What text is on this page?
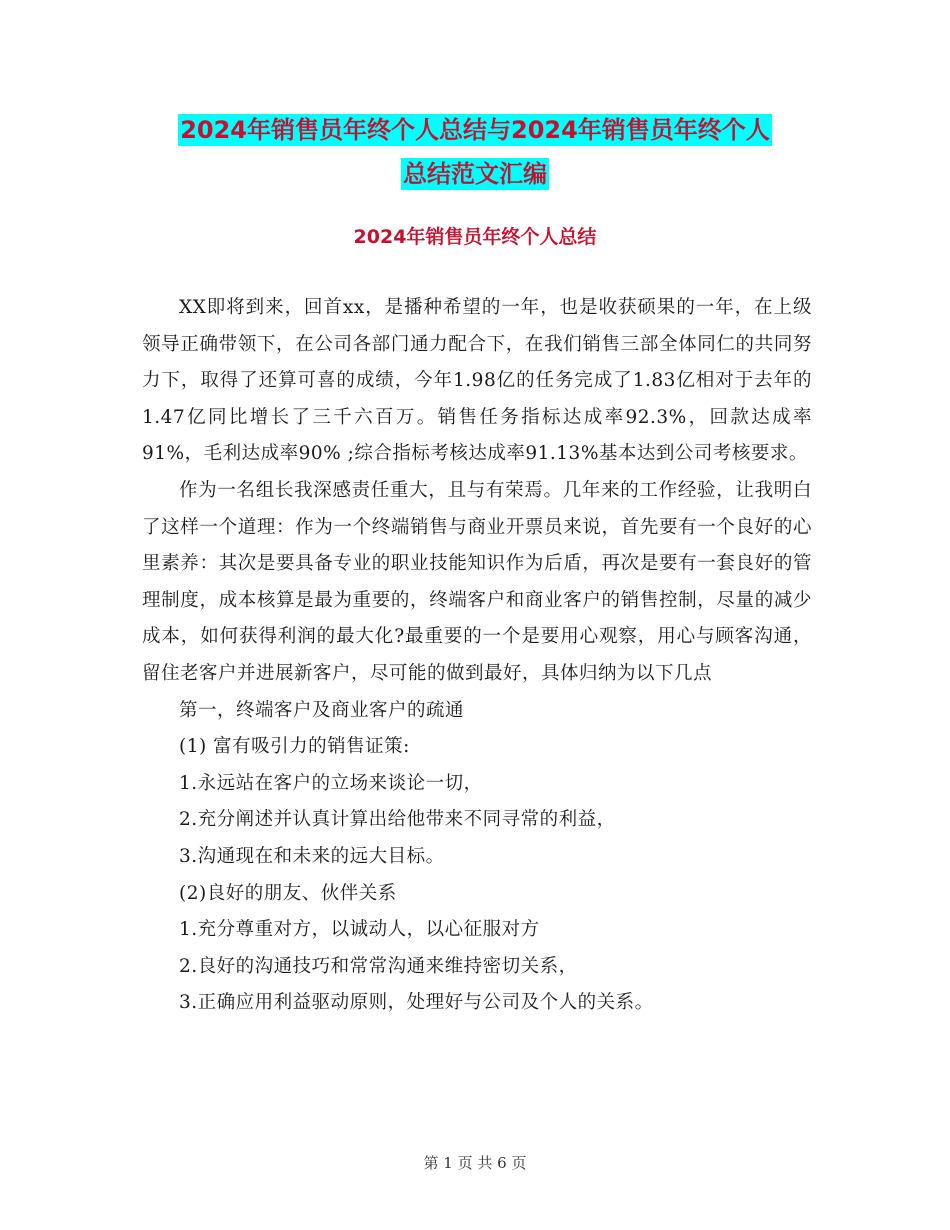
2024年销售员年终个人总结与2024年销售员年终个人
总结范文汇编
2024年销售员年终个人总结

XX即将到来，回首xx，是播种希望的一年，也是收获硕果的一年，在上级领导正确带领下，在公司各部门通力配合下，在我们销售三部全体同仁的共同努力下，取得了还算可喜的成绩，今年1.98亿的任务完成了1.83亿相对于去年的1.47亿同比增长了三千六百万。销售任务指标达成率92.3%，回款达成率91%，毛利达成率90% ;综合指标考核达成率91.13%基本达到公司考核要求。

作为一名组长我深感责任重大，且与有荣焉。几年来的工作经验，让我明白了这样一个道理：作为一个终端销售与商业开票员来说，首先要有一个良好的心里素养：其次是要具备专业的职业技能知识作为后盾，再次是要有一套良好的管理制度，成本核算是最为重要的，终端客户和商业客户的销售控制，尽量的减少成本，如何获得利润的最大化?最重要的一个是要用心观察，用心与顾客沟通，留住老客户并进展新客户，尽可能的做到最好，具体归纳为以下几点

第一，终端客户及商业客户的疏通

(1) 富有吸引力的销售证策:

1.永远站在客户的立场来谈论一切，

2.充分阐述并认真计算出给他带来不同寻常的利益，

3.沟通现在和未来的远大目标。

(2)良好的朋友、伙伴关系

1.充分尊重对方，以诚动人，以心征服对方

2.良好的沟通技巧和常常沟通来维持密切关系，

3.正确应用利益驱动原则，处理好与公司及个人的关系。

第 1 页 共 6 页
